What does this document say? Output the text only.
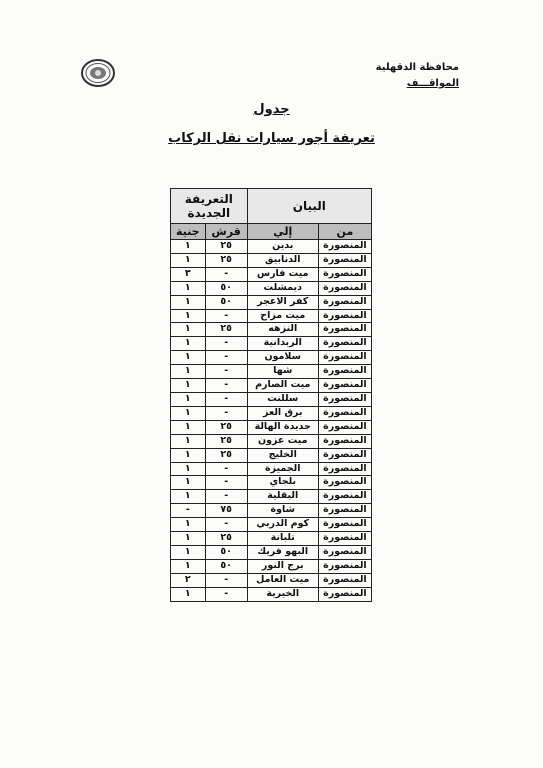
محافظة الدقهلية
المواقـــف
جدول
تعريفة أجور سيارات نقل الركاب
البيان		التعريفة الجديدة	
من	إلي	قرش	جنية
المنصورة	بدين	٢٥	١
المنصورة	الدنابيق	٢٥	١
المنصورة	ميت فارس	-	٣
المنصورة	ديمشلت	٥٠	١
المنصورة	كفر الاعجر	٥٠	١
المنصورة	ميت مزاح	-	١
المنصورة	النزهه	٢٥	١
المنصورة	الربدانية	-	١
المنصورة	سلامون	-	١
المنصورة	شها	-	١
المنصورة	ميت الصارم	-	١
المنصورة	سللنت	-	١
المنصورة	برق العز	-	١
المنصورة	جديدة الهالة	٢٥	١
المنصورة	ميت عزون	٢٥	١
المنصورة	الخليج	٢٥	١
المنصورة	الجميزة	-	١
المنصورة	بلجاي	-	١
المنصورة	البقلية	-	١
المنصورة	شاوة	٧٥	-
المنصورة	كوم الدربي	-	١
المنصورة	تلبانة	٢٥	١
المنصورة	البهو فريك	٥٠	١
المنصورة	برج النور	٥٠	١
المنصورة	ميت العامل	-	٢
المنصورة	الخيرية	-	١
